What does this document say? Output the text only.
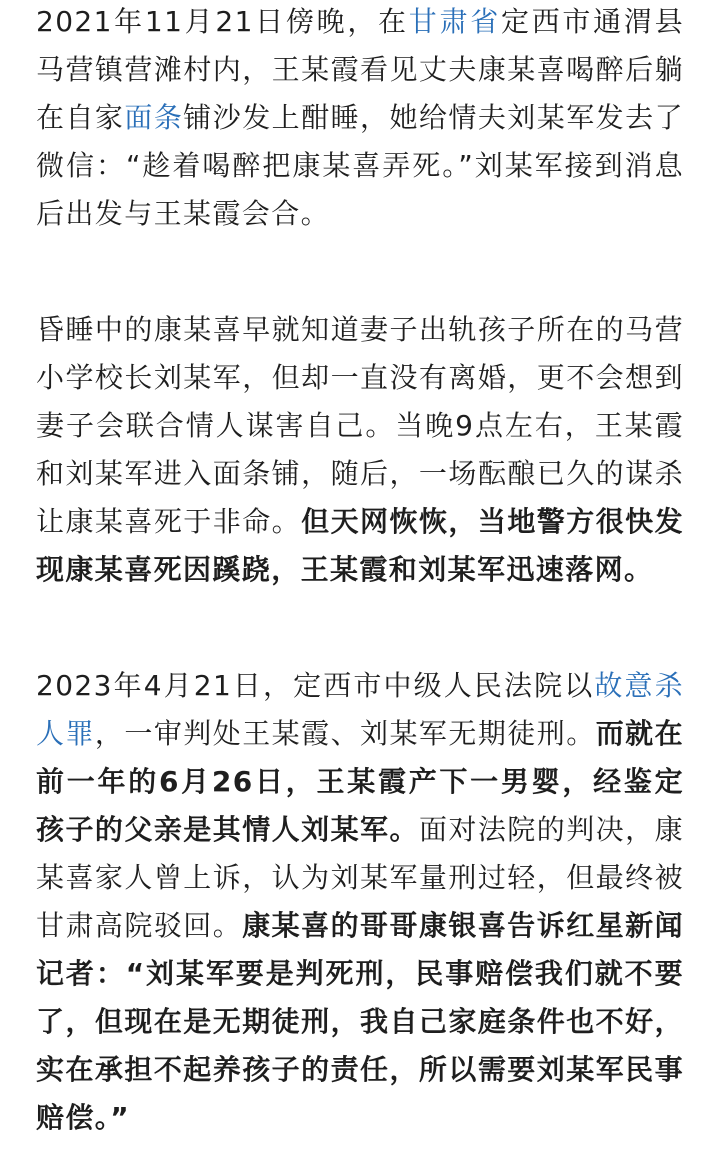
2021年11月21日傍晚，在甘肃省定西市通渭县马营镇营滩村内，王某霞看见丈夫康某喜喝醉后躺在自家面条铺沙发上酣睡，她给情夫刘某军发去了微信：“趁着喝醉把康某喜弄死。”刘某军接到消息后出发与王某霞会合。

昏睡中的康某喜早就知道妻子出轨孩子所在的马营小学校长刘某军，但却一直没有离婚，更不会想到妻子会联合情人谋害自己。当晚9点左右，王某霞和刘某军进入面条铺，随后，一场酝酿已久的谋杀让康某喜死于非命。但天网恢恢，当地警方很快发现康某喜死因蹊跷，王某霞和刘某军迅速落网。

2023年4月21日，定西市中级人民法院以故意杀人罪，一审判处王某霞、刘某军无期徒刑。而就在前一年的6月26日，王某霞产下一男婴，经鉴定孩子的父亲是其情人刘某军。面对法院的判决，康某喜家人曾上诉，认为刘某军量刑过轻，但最终被甘肃高院驳回。康某喜的哥哥康银喜告诉红星新闻记者：“刘某军要是判死刑，民事赔偿我们就不要了，但现在是无期徒刑，我自己家庭条件也不好，实在承担不起养孩子的责任，所以需要刘某军民事赔偿。”
